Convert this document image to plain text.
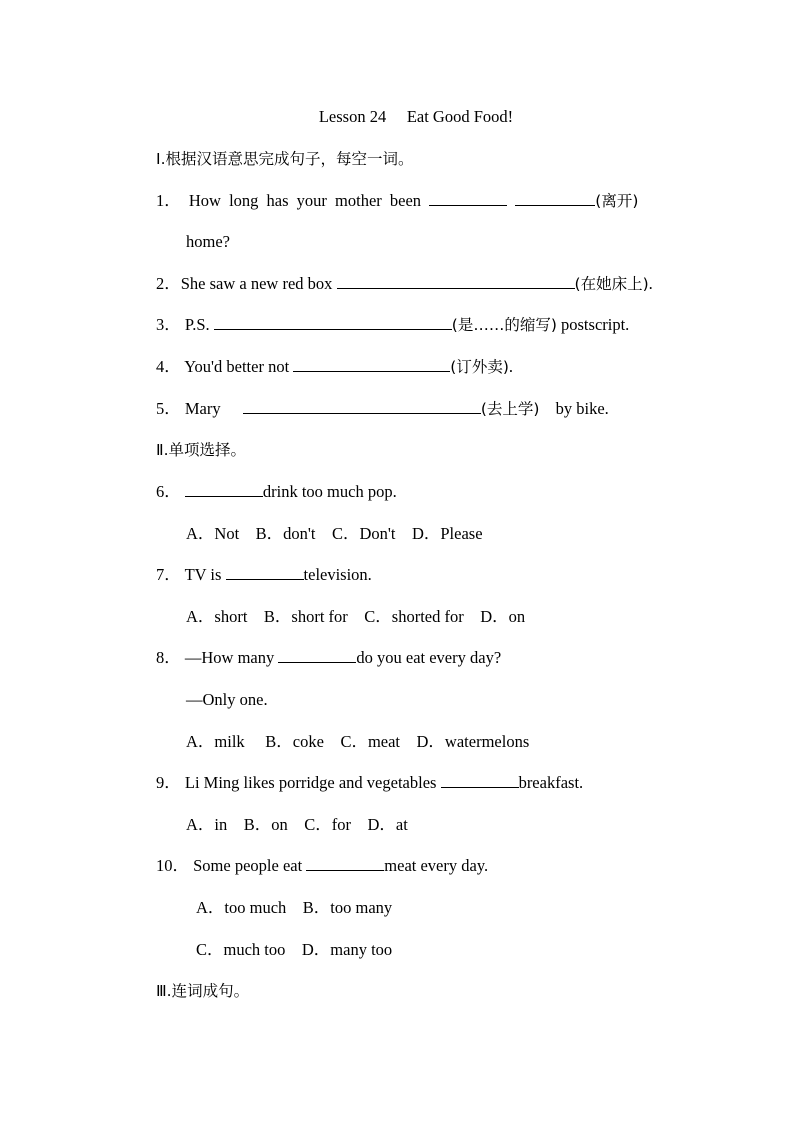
Lesson 24     Eat Good Food!
Ⅰ.根据汉语意思完成句子，每空一词。
1． How long has your mother been	(离开)
home?
2．She saw a new red box	(在她床上).
3． P.S.	(是……的缩写) postscript.
4． You'd better not	(订外卖).
5． Mary	(去上学) by bike.
Ⅱ.单项选择。
6．	drink too much pop.
A．Not    B．don't    C．Don't    D．Please
7． TV is	television.
A．short    B．short for    C．shorted for    D．on
8． —How many	do you eat every day?
—Only one.
A．milk     B．coke    C．meat    D．watermelons
9． Li Ming likes porridge and vegetables	breakfast.
A．in    B．on    C．for    D．at
10． Some people eat	meat every day.
A．too much    B．too many
C．much too    D．many too
Ⅲ.连词成句。
